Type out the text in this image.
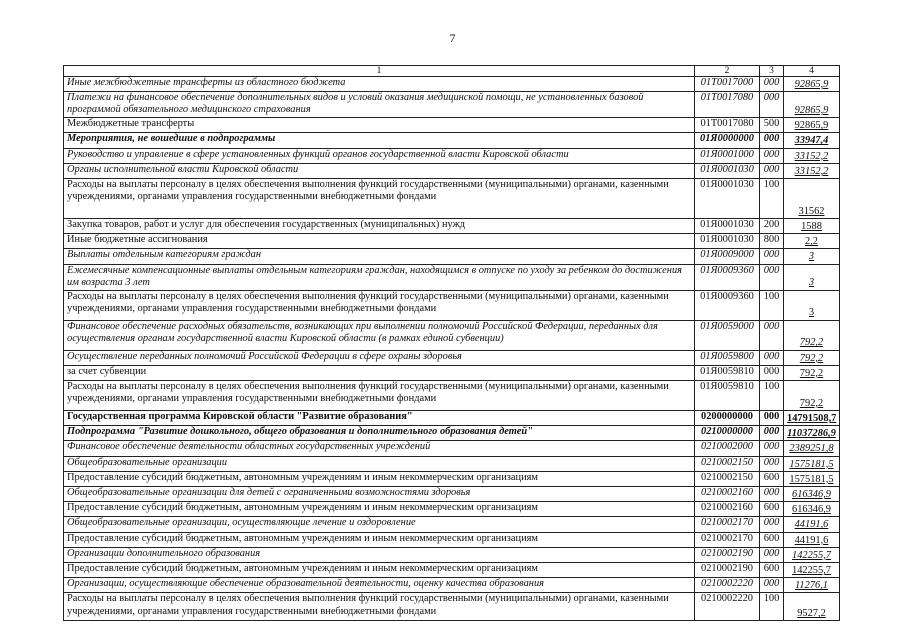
7
1	2	3	4
Иные межбюджетные трансферты из областного бюджета	01Т0017000	000	92865,9
Платежи на финансовое обеспечение дополнительных видов и условий оказания медицинской помощи, не установленных базовой программой обязательного медицинского страхования	01Т0017080	000	92865,9
Межбюджетные трансферты	01Т0017080	500	92865,9
Мероприятия, не вошедшие в подпрограммы	01Я0000000	000	33947,4
Руководство и управление в сфере установленных функций органов государственной власти Кировской области	01Я0001000	000	33152,2
Органы исполнительной власти Кировской области	01Я0001030	000	33152,2
Расходы на выплаты персоналу в целях обеспечения выполнения функций государственными (муниципальными) органами, казенными учреждениями, органами управления государственными внебюджетными фондами	01Я0001030	100	31562
Закупка товаров, работ и услуг для обеспечения государственных (муниципальных) нужд	01Я0001030	200	1588
Иные бюджетные ассигнования	01Я0001030	800	2,2
Выплаты отдельным категориям граждан	01Я0009000	000	3
Ежемесячные компенсационные выплаты отдельным категориям граждан, находящимся в отпуске по уходу за ребенком до достижения им возраста 3 лет	01Я0009360	000	3
Расходы на выплаты персоналу в целях обеспечения выполнения функций государственными (муниципальными) органами, казенными учреждениями, органами управления государственными внебюджетными фондами	01Я0009360	100	3
Финансовое обеспечение расходных обязательств, возникающих при выполнении полномочий Российской Федерации, переданных для осуществления органам государственной власти Кировской области (в рамках единой субвенции)	01Я0059000	000	792,2
Осуществление переданных полномочий Российской Федерации в сфере охраны здоровья	01Я0059800	000	792,2
за счет субвенции	01Я0059810	000	792,2
Расходы на выплаты персоналу в целях обеспечения выполнения функций государственными (муниципальными) органами, казенными учреждениями, органами управления государственными внебюджетными фондами	01Я0059810	100	792,2
Государственная программа Кировской области "Развитие образования"	0200000000	000	14791508,7
Подпрограмма "Развитие дошкольного, общего образования и дополнительного образования детей"	0210000000	000	11037286,9
Финансовое обеспечение деятельности областных государственных учреждений	0210002000	000	2389251,8
Общеобразовательные организации	0210002150	000	1575181,5
Предоставление субсидий бюджетным, автономным учреждениям и иным некоммерческим организациям	0210002150	600	1575181,5
Общеобразовательные организации для детей с ограниченными возможностями здоровья	0210002160	000	616346,9
Предоставление субсидий бюджетным, автономным учреждениям и иным некоммерческим организациям	0210002160	600	616346,9
Общеобразовательные организации, осуществляющие лечение и оздоровление	0210002170	000	44191,6
Предоставление субсидий бюджетным, автономным учреждениям и иным некоммерческим организациям	0210002170	600	44191,6
Организации дополнительного образования	0210002190	000	142255,7
Предоставление субсидий бюджетным, автономным учреждениям и иным некоммерческим организациям	0210002190	600	142255,7
Организации, осуществляющие обеспечение образовательной деятельности, оценку качества образования	0210002220	000	11276,1
Расходы на выплаты персоналу в целях обеспечения выполнения функций государственными (муниципальными) органами, казенными учреждениями, органами управления государственными внебюджетными фондами	0210002220	100	9527,2
